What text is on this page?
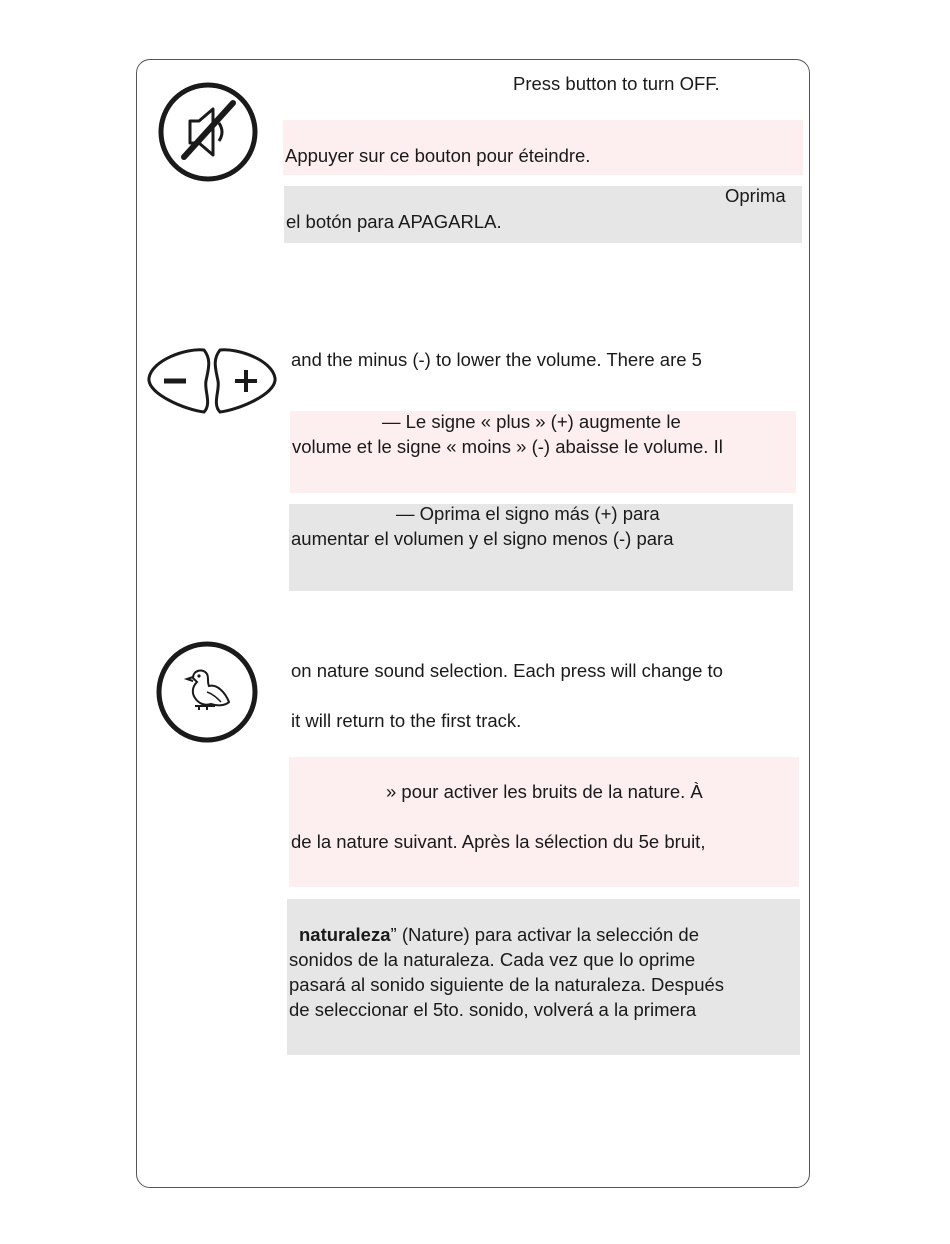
Press button to turn OFF.
Appuyer sur ce bouton pour éteindre.
Oprima
el botón para APAGARLA.
and the minus (-) to lower the volume. There are 5
— Le signe « plus » (+) augmente le
volume et le signe « moins » (-) abaisse le volume. Il
— Oprima el signo más (+) para
aumentar el volumen y el signo menos (-) para
on nature sound selection. Each press will change to
it will return to the first track.
» pour activer les bruits de la nature. À
de la nature suivant. Après la sélection du 5e bruit,
naturaleza” (Nature) para activar la selección de
sonidos de la naturaleza. Cada vez que lo oprime
pasará al sonido siguiente de la naturaleza. Después
de seleccionar el 5to. sonido, volverá a la primera
